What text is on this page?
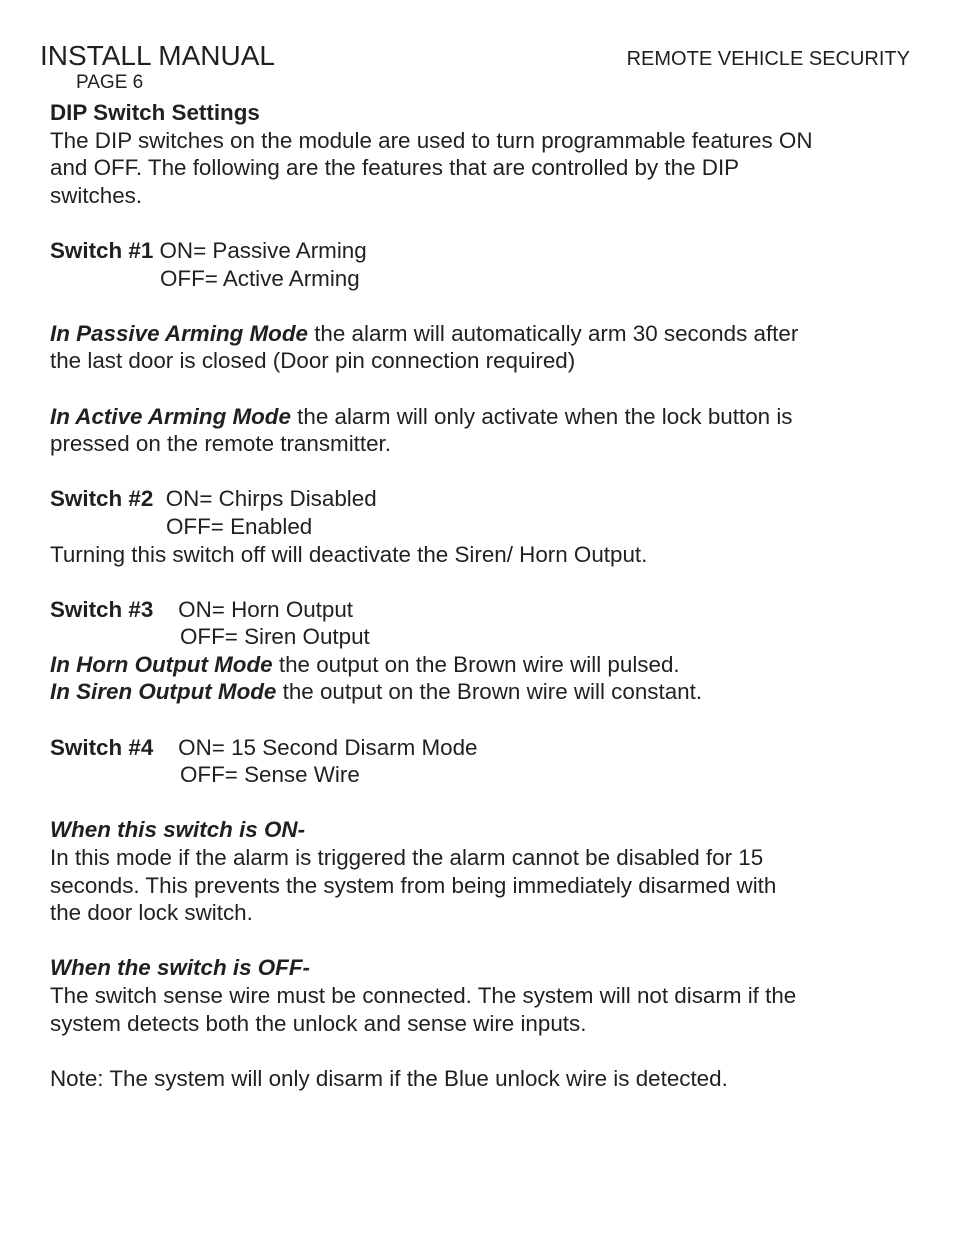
INSTALL MANUAL	REMOTE VEHICLE SECURITY
PAGE 6
DIP Switch Settings
The DIP switches on the module are used to turn programmable features ON
and OFF. The following are the features that are controlled by the DIP
switches.
Switch #1 ON= Passive Arming
OFF= Active Arming
In Passive Arming Mode the alarm will automatically arm 30 seconds after
the last door is closed (Door pin connection required)
In Active Arming Mode the alarm will only activate when the lock button is
pressed on the remote transmitter.
Switch #2  ON= Chirps Disabled
OFF= Enabled
Turning this switch off will deactivate the Siren/ Horn Output.
Switch #3    ON= Horn Output
OFF= Siren Output
In Horn Output Mode the output on the Brown wire will pulsed.
In Siren Output Mode the output on the Brown wire will constant.
Switch #4    ON= 15 Second Disarm Mode
OFF= Sense Wire
When this switch is ON-
In this mode if the alarm is triggered the alarm cannot be disabled for 15
seconds. This prevents the system from being immediately disarmed with
the door lock switch.
When the switch is OFF-
The switch sense wire must be connected. The system will not disarm if the
system detects both the unlock and sense wire inputs.
Note: The system will only disarm if the Blue unlock wire is detected.
